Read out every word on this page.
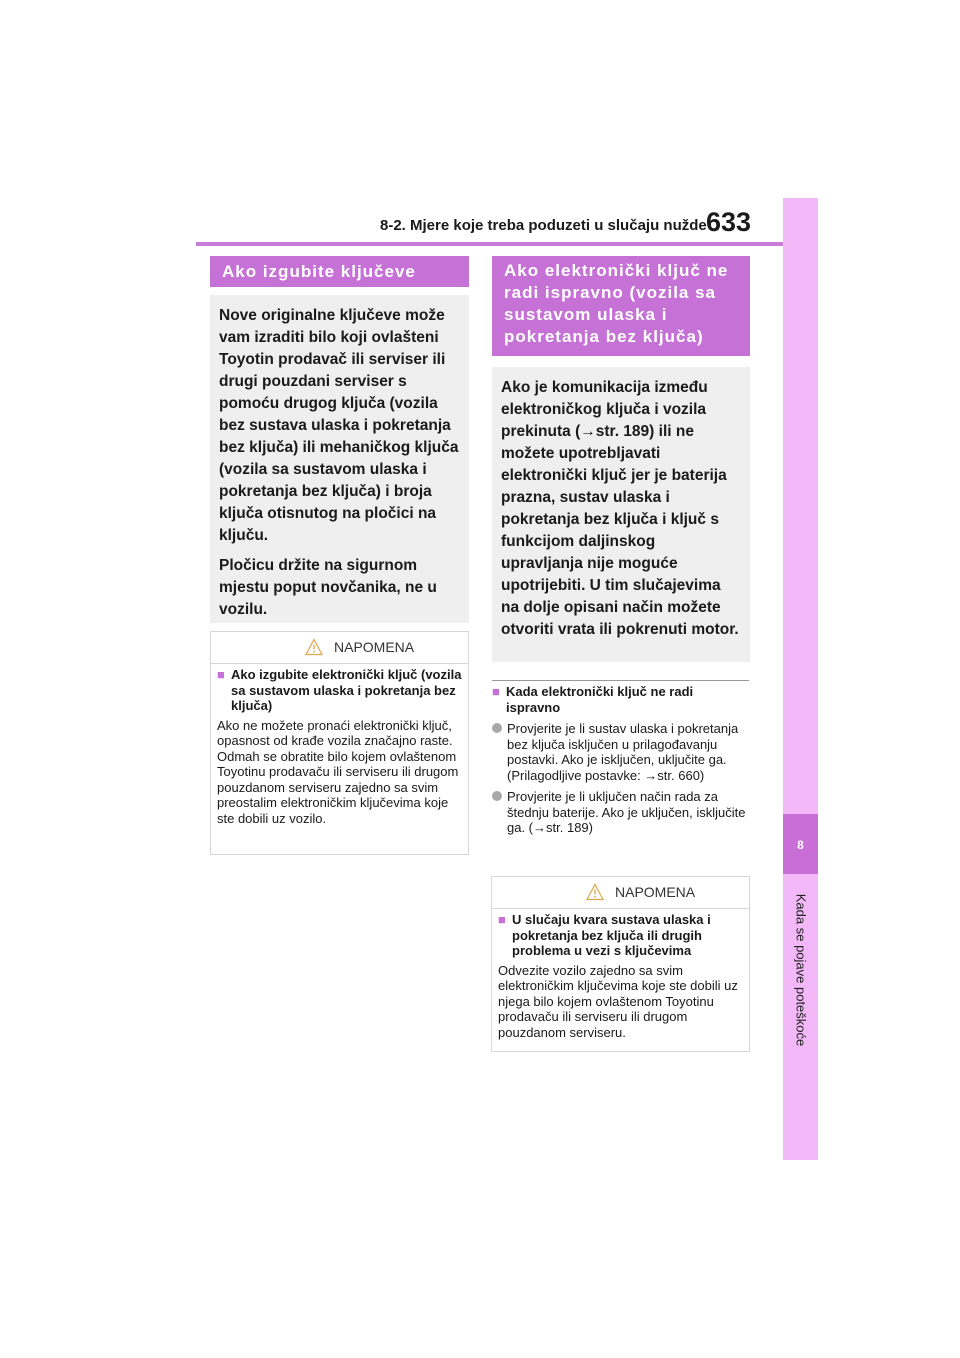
8-2. Mjere koje treba poduzeti u slučaju nužde 633
8
Kada se pojave poteškoće
Ako izgubite ključeve

Nove originalne ključeve može vam izraditi bilo koji ovlašteni Toyotin prodavač ili serviser ili drugi pouzdani serviser s pomoću drugog ključa (vozila bez sustava ulaska i pokretanja bez ključa) ili mehaničkog ključa (vozila sa sustavom ulaska i pokretanja bez ključa) i broja ključa otisnutog na pločici na ključu.

Pločicu držite na sigurnom mjestu poput novčanika, ne u vozilu.

NAPOMENA
■ Ako izgubite elektronički ključ (vozila sa sustavom ulaska i pokretanja bez ključa)
Ako ne možete pronaći elektronički ključ, opasnost od krađe vozila značajno raste. Odmah se obratite bilo kojem ovlaštenom Toyotinu prodavaču ili serviseru ili drugom pouzdanom serviseru zajedno sa svim preostalim elektroničkim ključevima koje ste dobili uz vozilo.
Ako elektronički ključ ne radi ispravno (vozila sa sustavom ulaska i pokretanja bez ključa)

Ako je komunikacija između elektroničkog ključa i vozila prekinuta (→str. 189) ili ne možete upotrebljavati elektronički ključ jer je baterija prazna, sustav ulaska i pokretanja bez ključa i ključ s funkcijom daljinskog upravljanja nije moguće upotrijebiti. U tim slučajevima na dolje opisani način možete otvoriti vrata ili pokrenuti motor.

■ Kada elektronički ključ ne radi ispravno
Provjerite je li sustav ulaska i pokretanja bez ključa isključen u prilagođavanju postavki. Ako je isključen, uključite ga. (Prilagodljive postavke: →str. 660)
Provjerite je li uključen način rada za štednju baterije. Ako je uključen, isključite ga. (→str. 189)
NAPOMENA
■ U slučaju kvara sustava ulaska i pokretanja bez ključa ili drugih problema u vezi s ključevima
Odvezite vozilo zajedno sa svim elektroničkim ključevima koje ste dobili uz njega bilo kojem ovlaštenom Toyotinu prodavaču ili serviseru ili drugom pouzdanom serviseru.
